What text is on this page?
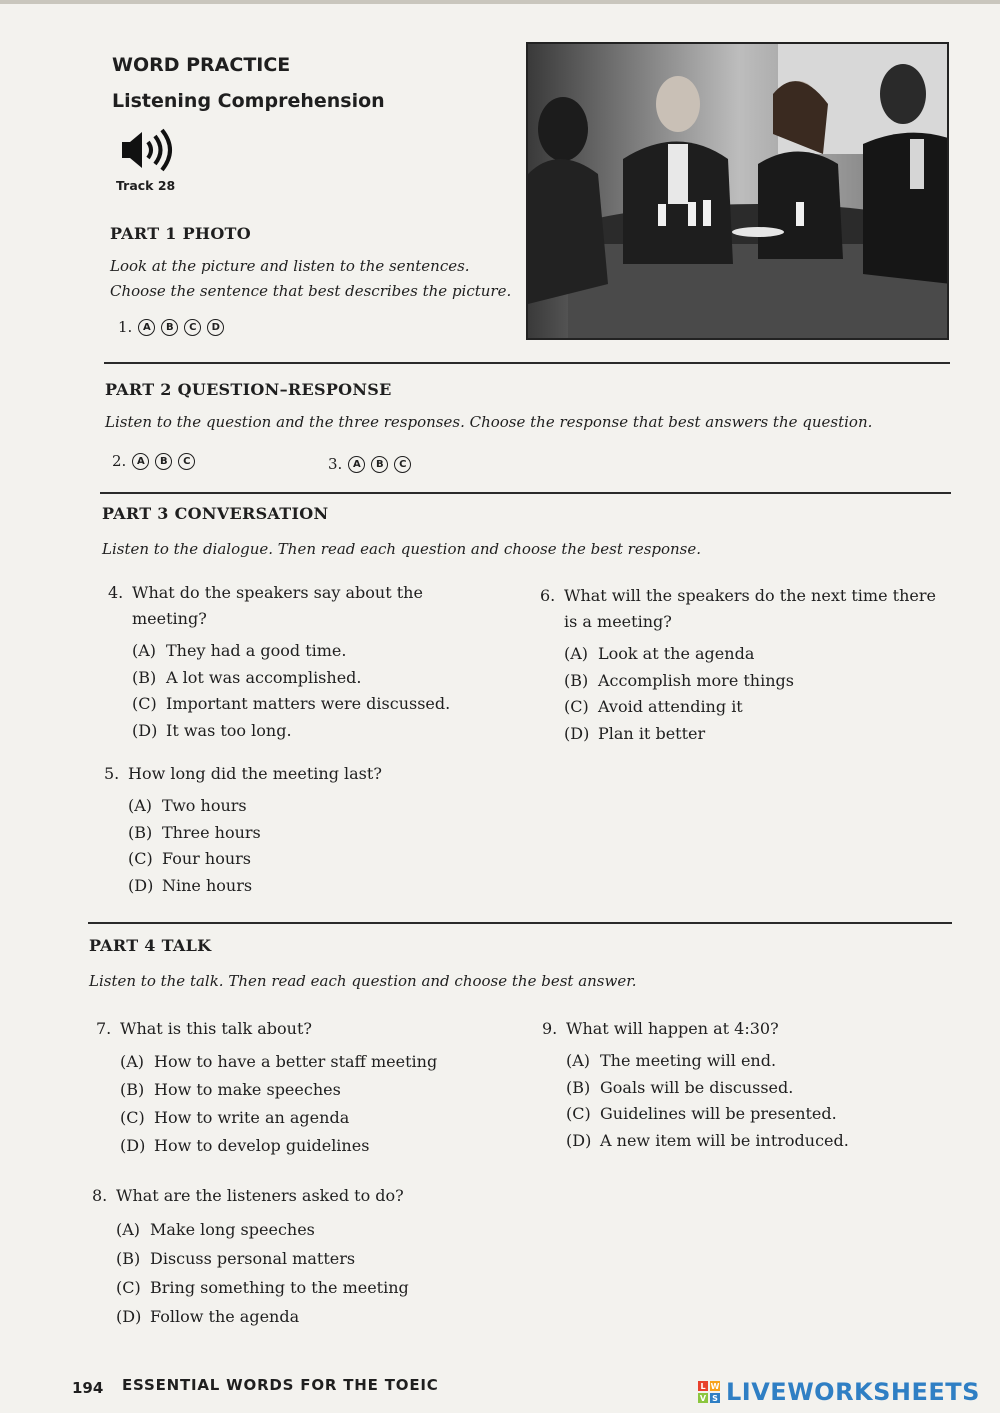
WORD PRACTICE
Listening Comprehension
Track 28
PART 1 PHOTO
Look at the picture and listen to the sentences.
Choose the sentence that best describes the picture.
1.	A	B	C	D
PART 2 QUESTION–RESPONSE
Listen to the question and the three responses. Choose the response that best answers the question.
2.	A	B	C	3.	A	B	C
PART 3 CONVERSATION
Listen to the dialogue. Then read each question and choose the best response.
4. What do the speakers say about the
meeting?
(A) They had a good time.
(B) A lot was accomplished.
(C) Important matters were discussed.
(D) It was too long.
5. How long did the meeting last?
(A) Two hours
(B) Three hours
(C) Four hours
(D) Nine hours
6. What will the speakers do the next time there
is a meeting?
(A) Look at the agenda
(B) Accomplish more things
(C) Avoid attending it
(D) Plan it better
PART 4 TALK
Listen to the talk. Then read each question and choose the best answer.
7. What is this talk about?
(A) How to have a better staff meeting
(B) How to make speeches
(C) How to write an agenda
(D) How to develop guidelines
8. What are the listeners asked to do?
(A) Make long speeches
(B) Discuss personal matters
(C) Bring something to the meeting
(D) Follow the agenda
9. What will happen at 4:30?
(A) The meeting will end.
(B) Goals will be discussed.
(C) Guidelines will be presented.
(D) A new item will be introduced.
194 ESSENTIAL WORDS FOR THE TOEIC	L W
V S LIVEWORKSHEETS
